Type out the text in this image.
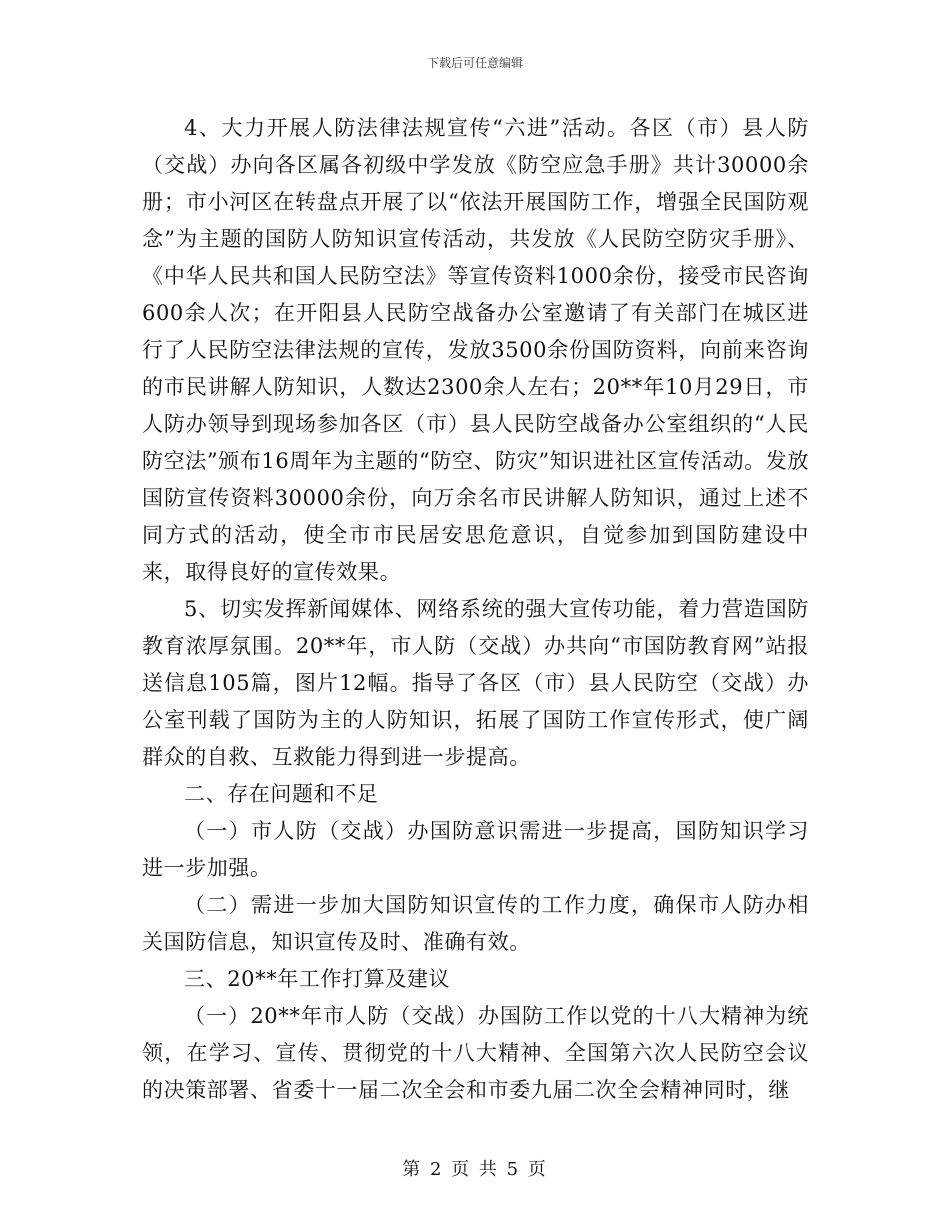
下载后可任意编辑

4、大力开展人防法律法规宣传“六进”活动。各区（市）县人防（交战）办向各区属各初级中学发放《防空应急手册》共计30000余册；市小河区在转盘点开展了以“依法开展国防工作，增强全民国防观念”为主题的国防人防知识宣传活动，共发放《人民防空防灾手册》、《中华人民共和国人民防空法》等宣传资料1000余份，接受市民咨询600余人次；在开阳县人民防空战备办公室邀请了有关部门在城区进行了人民防空法律法规的宣传，发放3500余份国防资料，向前来咨询的市民讲解人防知识，人数达2300余人左右；20**年10月29日，市人防办领导到现场参加各区（市）县人民防空战备办公室组织的“人民防空法”颁布16周年为主题的“防空、防灾”知识进社区宣传活动。发放国防宣传资料30000余份，向万余名市民讲解人防知识，通过上述不同方式的活动，使全市市民居安思危意识，自觉参加到国防建设中来，取得良好的宣传效果。

5、切实发挥新闻媒体、网络系统的强大宣传功能，着力营造国防教育浓厚氛围。20**年，市人防（交战）办共向“市国防教育网”站报送信息105篇，图片12幅。指导了各区（市）县人民防空（交战）办公室刊载了国防为主的人防知识，拓展了国防工作宣传形式，使广阔群众的自救、互救能力得到进一步提高。

二、存在问题和不足

（一）市人防（交战）办国防意识需进一步提高，国防知识学习进一步加强。

（二）需进一步加大国防知识宣传的工作力度，确保市人防办相关国防信息，知识宣传及时、准确有效。

三、20**年工作打算及建议

（一）20**年市人防（交战）办国防工作以党的十八大精神为统领，在学习、宣传、贯彻党的十八大精神、全国第六次人民防空会议的决策部署、省委十一届二次全会和市委九届二次全会精神同时，继

第 2 页 共 5 页
